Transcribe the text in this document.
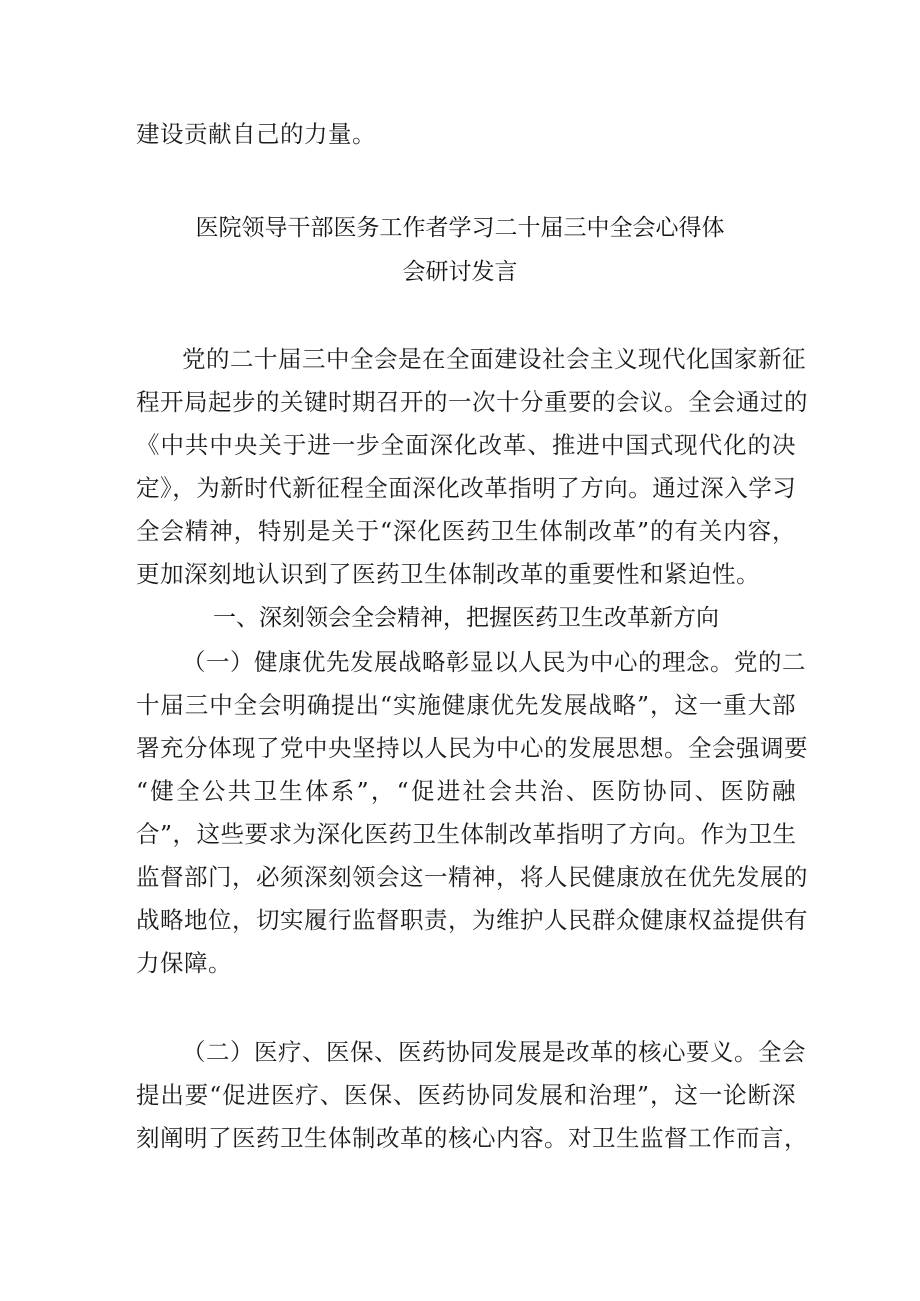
建设贡献自己的力量。
医院领导干部医务工作者学习二十届三中全会心得体
会研讨发言
党的二十届三中全会是在全面建设社会主义现代化国家新征
程开局起步的关键时期召开的一次十分重要的会议。全会通过的
《中共中央关于进一步全面深化改革、推进中国式现代化的决
定》，为新时代新征程全面深化改革指明了方向。通过深入学习
全会精神，特别是关于“深化医药卫生体制改革”的有关内容，
更加深刻地认识到了医药卫生体制改革的重要性和紧迫性。
一、深刻领会全会精神，把握医药卫生改革新方向
（一）健康优先发展战略彰显以人民为中心的理念。党的二
十届三中全会明确提出“实施健康优先发展战略”，这一重大部
署充分体现了党中央坚持以人民为中心的发展思想。全会强调要
“健全公共卫生体系”，“促进社会共治、医防协同、医防融
合”，这些要求为深化医药卫生体制改革指明了方向。作为卫生
监督部门，必须深刻领会这一精神，将人民健康放在优先发展的
战略地位，切实履行监督职责，为维护人民群众健康权益提供有
力保障。
（二）医疗、医保、医药协同发展是改革的核心要义。全会
提出要“促进医疗、医保、医药协同发展和治理”，这一论断深
刻阐明了医药卫生体制改革的核心内容。对卫生监督工作而言，
